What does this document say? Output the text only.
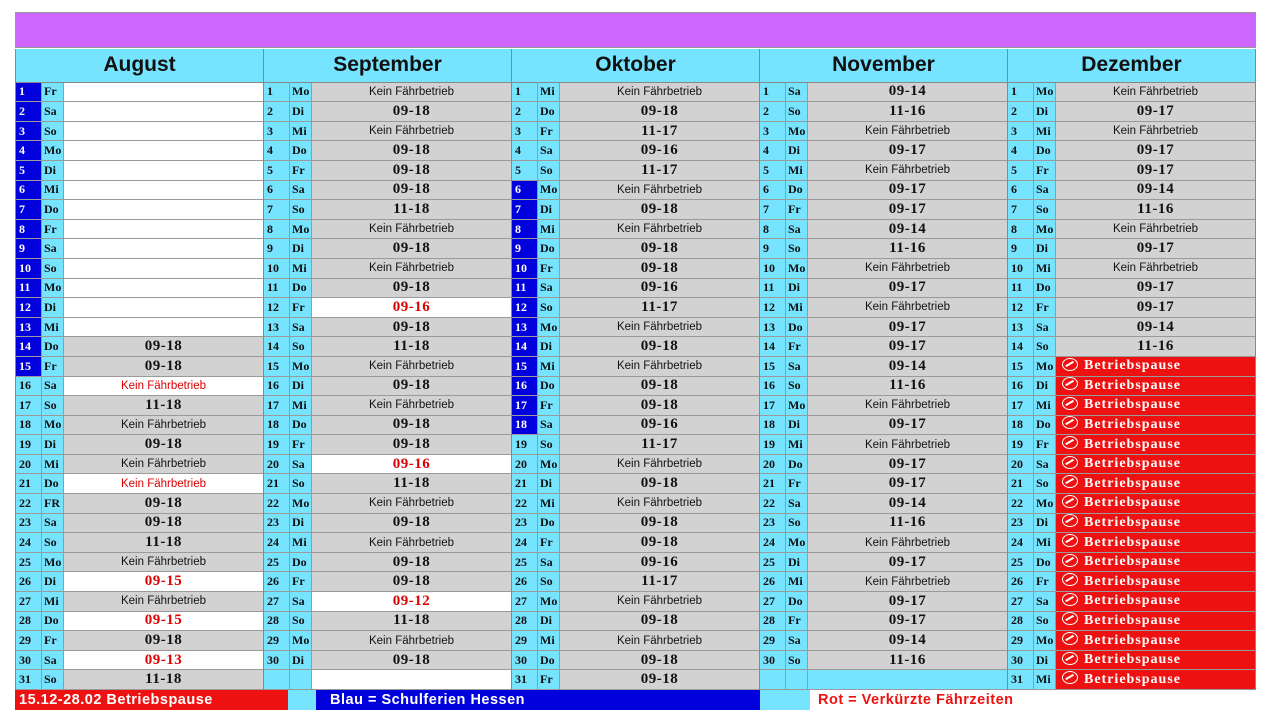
August
1	Fr
2	Sa
3	So
4	Mo
5	Di
6	Mi
7	Do
8	Fr
9	Sa
10	So
11	Mo
12	Di
13	Mi
14	Do	09-18
15	Fr	09-18
16	Sa	Kein Fährbetrieb
17	So	11-18
18	Mo	Kein Fährbetrieb
19	Di	09-18
20	Mi	Kein Fährbetrieb
21	Do	Kein Fährbetrieb
22	FR	09-18
23	Sa	09-18
24	So	11-18
25	Mo	Kein Fährbetrieb
26	Di	09-15
27	Mi	Kein Fährbetrieb
28	Do	09-15
29	Fr	09-18
30	Sa	09-13
31	So	11-18
September
1	Mo	Kein Fährbetrieb
2	Di	09-18
3	Mi	Kein Fährbetrieb
4	Do	09-18
5	Fr	09-18
6	Sa	09-18
7	So	11-18
8	Mo	Kein Fährbetrieb
9	Di	09-18
10	Mi	Kein Fährbetrieb
11	Do	09-18
12	Fr	09-16
13	Sa	09-18
14	So	11-18
15	Mo	Kein Fährbetrieb
16	Di	09-18
17	Mi	Kein Fährbetrieb
18	Do	09-18
19	Fr	09-18
20	Sa	09-16
21	So	11-18
22	Mo	Kein Fährbetrieb
23	Di	09-18
24	Mi	Kein Fährbetrieb
25	Do	09-18
26	Fr	09-18
27	Sa	09-12
28	So	11-18
29	Mo	Kein Fährbetrieb
30	Di	09-18
Oktober
1	Mi	Kein Fährbetrieb
2	Do	09-18
3	Fr	11-17
4	Sa	09-16
5	So	11-17
6	Mo	Kein Fährbetrieb
7	Di	09-18
8	Mi	Kein Fährbetrieb
9	Do	09-18
10	Fr	09-18
11	Sa	09-16
12	So	11-17
13	Mo	Kein Fährbetrieb
14	Di	09-18
15	Mi	Kein Fährbetrieb
16	Do	09-18
17	Fr	09-18
18	Sa	09-16
19	So	11-17
20	Mo	Kein Fährbetrieb
21	Di	09-18
22	Mi	Kein Fährbetrieb
23	Do	09-18
24	Fr	09-18
25	Sa	09-16
26	So	11-17
27	Mo	Kein Fährbetrieb
28	Di	09-18
29	Mi	Kein Fährbetrieb
30	Do	09-18
31	Fr	09-18
November
1	Sa	09-14
2	So	11-16
3	Mo	Kein Fährbetrieb
4	Di	09-17
5	Mi	Kein Fährbetrieb
6	Do	09-17
7	Fr	09-17
8	Sa	09-14
9	So	11-16
10	Mo	Kein Fährbetrieb
11	Di	09-17
12	Mi	Kein Fährbetrieb
13	Do	09-17
14	Fr	09-17
15	Sa	09-14
16	So	11-16
17	Mo	Kein Fährbetrieb
18	Di	09-17
19	Mi	Kein Fährbetrieb
20	Do	09-17
21	Fr	09-17
22	Sa	09-14
23	So	11-16
24	Mo	Kein Fährbetrieb
25	Di	09-17
26	Mi	Kein Fährbetrieb
27	Do	09-17
28	Fr	09-17
29	Sa	09-14
30	So	11-16
Dezember
1	Mo	Kein Fährbetrieb
2	Di	09-17
3	Mi	Kein Fährbetrieb
4	Do	09-17
5	Fr	09-17
6	Sa	09-14
7	So	11-16
8	Mo	Kein Fährbetrieb
9	Di	09-17
10	Mi	Kein Fährbetrieb
11	Do	09-17
12	Fr	09-17
13	Sa	09-14
14	So	11-16
15	Mo Betriebspause
16	Di	Betriebspause
17	Mi	Betriebspause
18	Do	Betriebspause
19	Fr	Betriebspause
20	Sa	Betriebspause
21	So	Betriebspause
22	Mo Betriebspause
23	Di	Betriebspause
24	Mi	Betriebspause
25	Do	Betriebspause
26	Fr	Betriebspause
27	Sa	Betriebspause
28	So	Betriebspause
29	Mo Betriebspause
30	Di	Betriebspause
31	Mi	Betriebspause
15.12-28.02 Betriebspause	Blau = Schulferien Hessen	Rot = Verkürzte Fährzeiten
